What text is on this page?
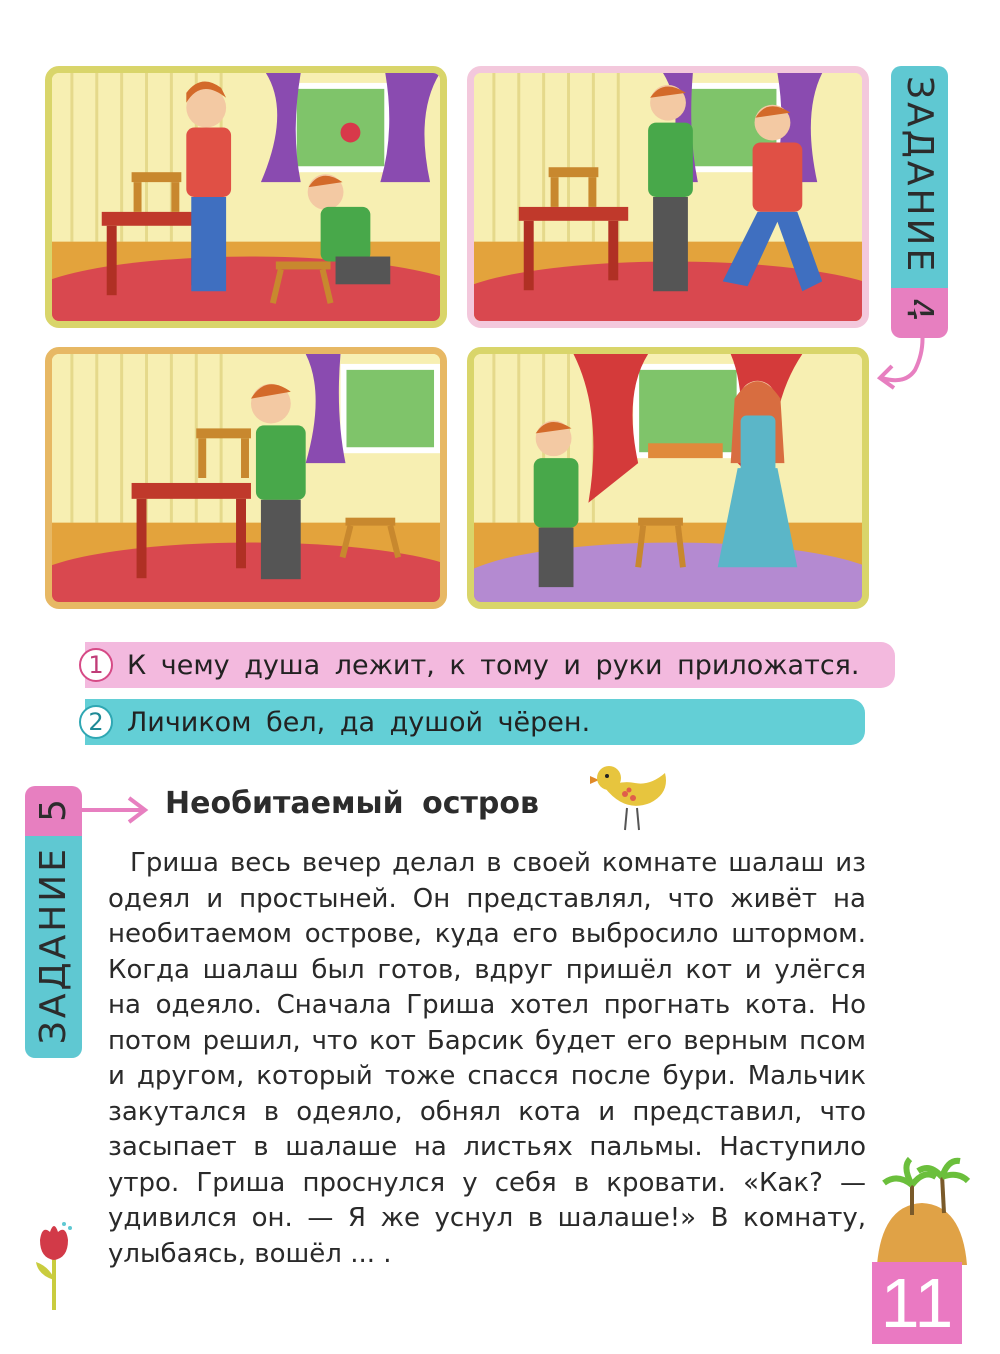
ЗАДАНИЕ
4
1 К чему душа лежит, к тому и руки приложатся.
2 Личиком бел, да душой чёрен.
5
ЗАДАНИЕ
Необитаемый остров
Гриша весь вечер делал в своей комнате шалаш из одеял и простыней. Он представлял, что живёт на необитаемом острове, куда его выбросило штормом. Когда шалаш был готов, вдруг пришёл кот и улёгся на одеяло. Сначала Гриша хотел прогнать кота. Но потом решил, что кот Барсик будет его верным псом и другом, который тоже спасся после бури. Мальчик закутался в одеяло, обнял кота и представил, что засыпает в шалаше на листьях пальмы. Наступило утро. Гриша проснулся у себя в кровати. «Как? — удивился он. — Я же уснул в шалаше!» В комнату, улыбаясь, вошёл ... .
11
